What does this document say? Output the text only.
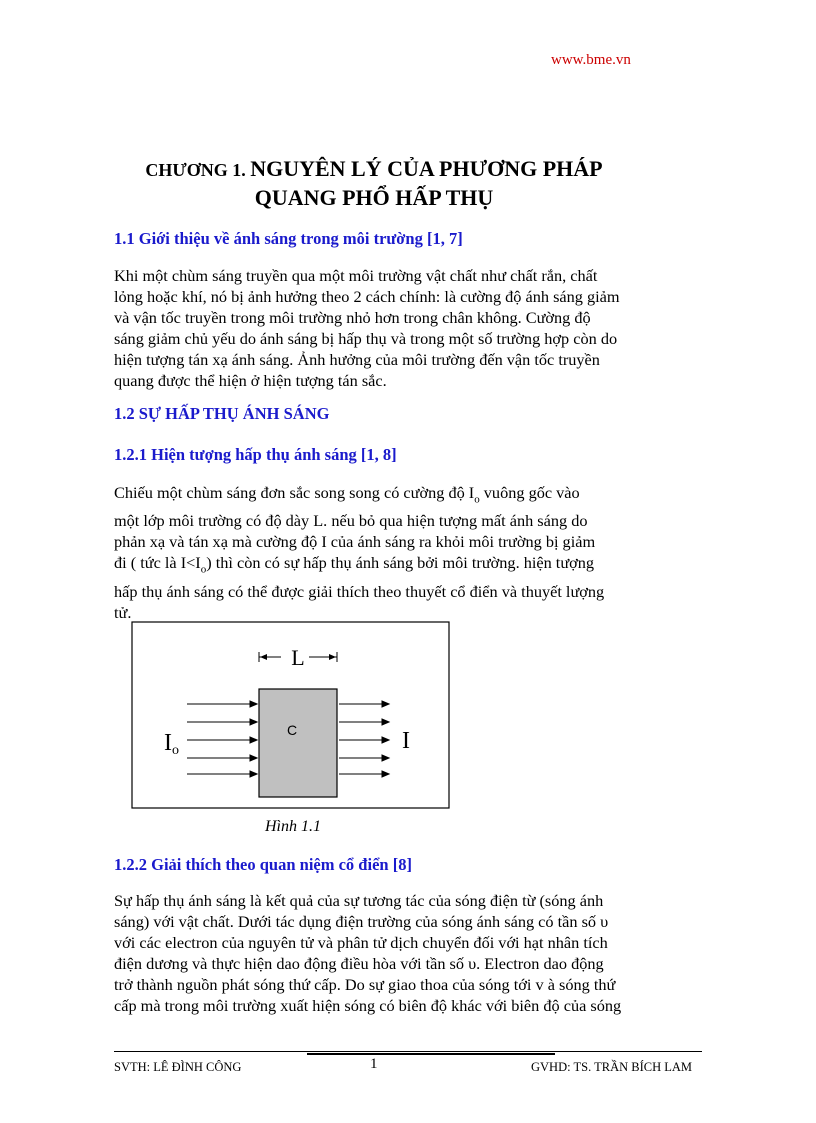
www.bme.vn
CHƯƠNG 1. NGUYÊN LÝ CỦA PHƯƠNG PHÁP
QUANG PHỔ HẤP THỤ
1.1 Giới thiệu về ánh sáng trong môi trường [1, 7]
Khi một chùm sáng truyền qua một môi trường vật chất như chất rắn, chất
lỏng hoặc khí, nó bị ảnh hưởng theo 2 cách chính: là cường độ ánh sáng giảm
và vận tốc truyền trong môi trường nhỏ hơn trong chân không. Cường độ
sáng giảm chủ yếu do ánh sáng bị hấp thụ và trong một số trường hợp còn do
hiện tượng tán xạ ánh sáng. Ảnh hưởng của môi trường đến vận tốc truyền
quang được thể hiện ở hiện tượng tán sắc.
1.2 SỰ HẤP THỤ ÁNH SÁNG
1.2.1 Hiện tượng hấp thụ ánh sáng [1, 8]
Chiếu một chùm sáng đơn sắc song song có cường độ $I_o$ vuông gốc vào
một lớp môi trường có độ dày L. nếu bỏ qua hiện tượng mất ánh sáng do
phản xạ và tán xạ mà cường độ I của ánh sáng ra khỏi môi trường bị giảm
đi ( tức là $I<I_o$) thì còn có sự hấp thụ ánh sáng bởi môi trường. hiện tượng
hấp thụ ánh sáng có thể được giải thích theo thuyết cổ điển và thuyết lượng
tử.
L
C
Io	I
Hình 1.1
1.2.2 Giải thích theo quan niệm cổ điển [8]
Sự hấp thụ ánh sáng là kết quả của sự tương tác của sóng điện từ (sóng ánh
sáng) với vật chất. Dưới tác dụng điện trường của sóng ánh sáng có tần số υ
với các electron của nguyên tử và phân tử dịch chuyển đối với hạt nhân tích
điện dương và thực hiện dao động điều hòa với tần số υ. Electron dao động
trở thành nguồn phát sóng thứ cấp. Do sự giao thoa của sóng tới v à sóng thứ
cấp mà trong môi trường xuất hiện sóng có biên độ khác với biên độ của sóng
SVTH: LÊ ĐÌNH CÔNG	1	GVHD: TS. TRẦN BÍCH LAM
